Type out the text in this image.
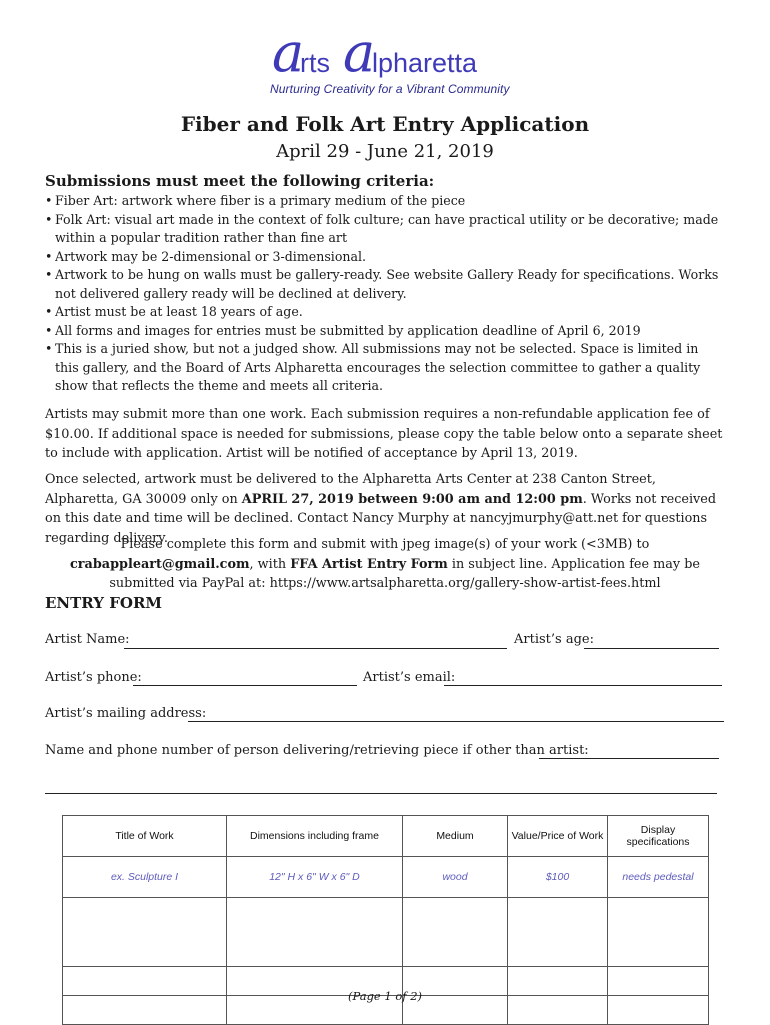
a
rts a
lpharetta
Nurturing Creativity for a Vibrant Community
Fiber and Folk Art Entry Application

April 29 - June 21, 2019

Submissions must meet the following criteria:
• Fiber Art: artwork where fiber is a primary medium of the piece
• Folk Art: visual art made in the context of folk culture; can have practical utility or be decorative; made within a popular tradition rather than fine art
• Artwork may be 2-dimensional or 3-dimensional.
• Artwork to be hung on walls must be gallery-ready. See website Gallery Ready for specifications. Works not delivered gallery ready will be declined at delivery.
• Artist must be at least 18 years of age.
• All forms and images for entries must be submitted by application deadline of April 6, 2019
• This is a juried show, but not a judged show. All submissions may not be selected. Space is limited in this gallery, and the Board of Arts Alpharetta encourages the selection committee to gather a quality show that reflects the theme and meets all criteria.

Artists may submit more than one work. Each submission requires a non-refundable application fee of $10.00. If additional space is needed for submissions, please copy the table below onto a separate sheet to include with application. Artist will be notified of acceptance by April 13, 2019.

Once selected, artwork must be delivered to the Alpharetta Arts Center at 238 Canton Street, Alpharetta, GA 30009 only on APRIL 27, 2019 between 9:00 am and 12:00 pm. Works not received on this date and time will be declined. Contact Nancy Murphy at nancyjmurphy@att.net for questions regarding delivery.

Please complete this form and submit with jpeg image(s) of your work (<3MB) to crabappleart@gmail.com, with FFA Artist Entry Form in subject line. Application fee may be submitted via PayPal at: https://www.artsalpharetta.org/gallery-show-artist-fees.html

ENTRY FORM
Artist Name:	Artist’s age:
Artist’s phone:	Artist’s email:
Artist’s mailing address:
Name and phone number of person delivering/retrieving piece if other than artist:
Title of Work	Dimensions including frame	Medium	Value/Price of Work	Display specifications
ex. Sculpture I	12" H x 6" W x 6" D	wood	$100	needs pedestal

(Page 1 of 2)
